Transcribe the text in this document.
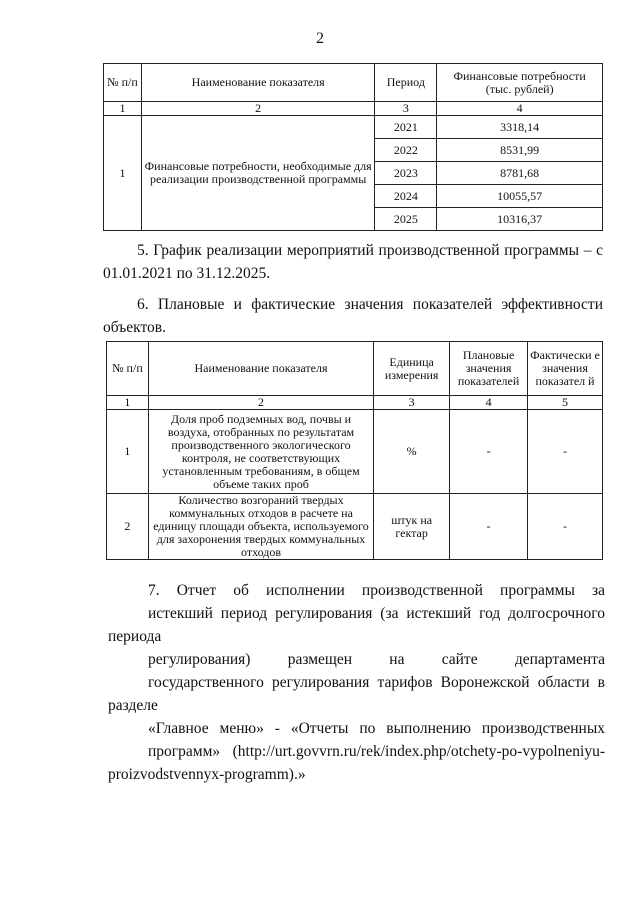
2
№ п/п	Наименование показателя	Период	Финансовые потребности (тыс. рублей)
1	2	3	4
1	Финансовые потребности, необходимые для реализации производственной программы	2021	3318,14
		2022	8531,99
		2023	8781,68
		2024	10055,57
		2025	10316,37
5. График реализации мероприятий производственной программы – с 01.01.2021 по 31.12.2025.
6. Плановые и фактические значения показателей эффективности объектов.
№ п/п	Наименование показателя	Единица измерения	Плановые значения показателей	Фактически е значения показател й
1	2	3	4	5
1	Доля проб подземных вод, почвы и воздуха, отобранных по результатам производственного экологического контроля, не соответствующих установленным требованиям, в общем объеме таких проб	%	-	-
2	Количество возгораний твердых коммунальных отходов в расчете на единицу площади объекта, используемого для захоронения твердых коммунальных отходов	штук на гектар	-	-
7. Отчет об исполнении производственной программы за
истекший период регулирования (за истекший год долгосрочного периода
регулирования) размещен на сайте департамента
государственного регулирования тарифов Воронежской области в разделе
«Главное меню» - «Отчеты по выполнению производственных
программ» (http://urt.govvrn.ru/rek/index.php/otchety-po-vypolneniyu-
proizvodstvennyx-programm).»
